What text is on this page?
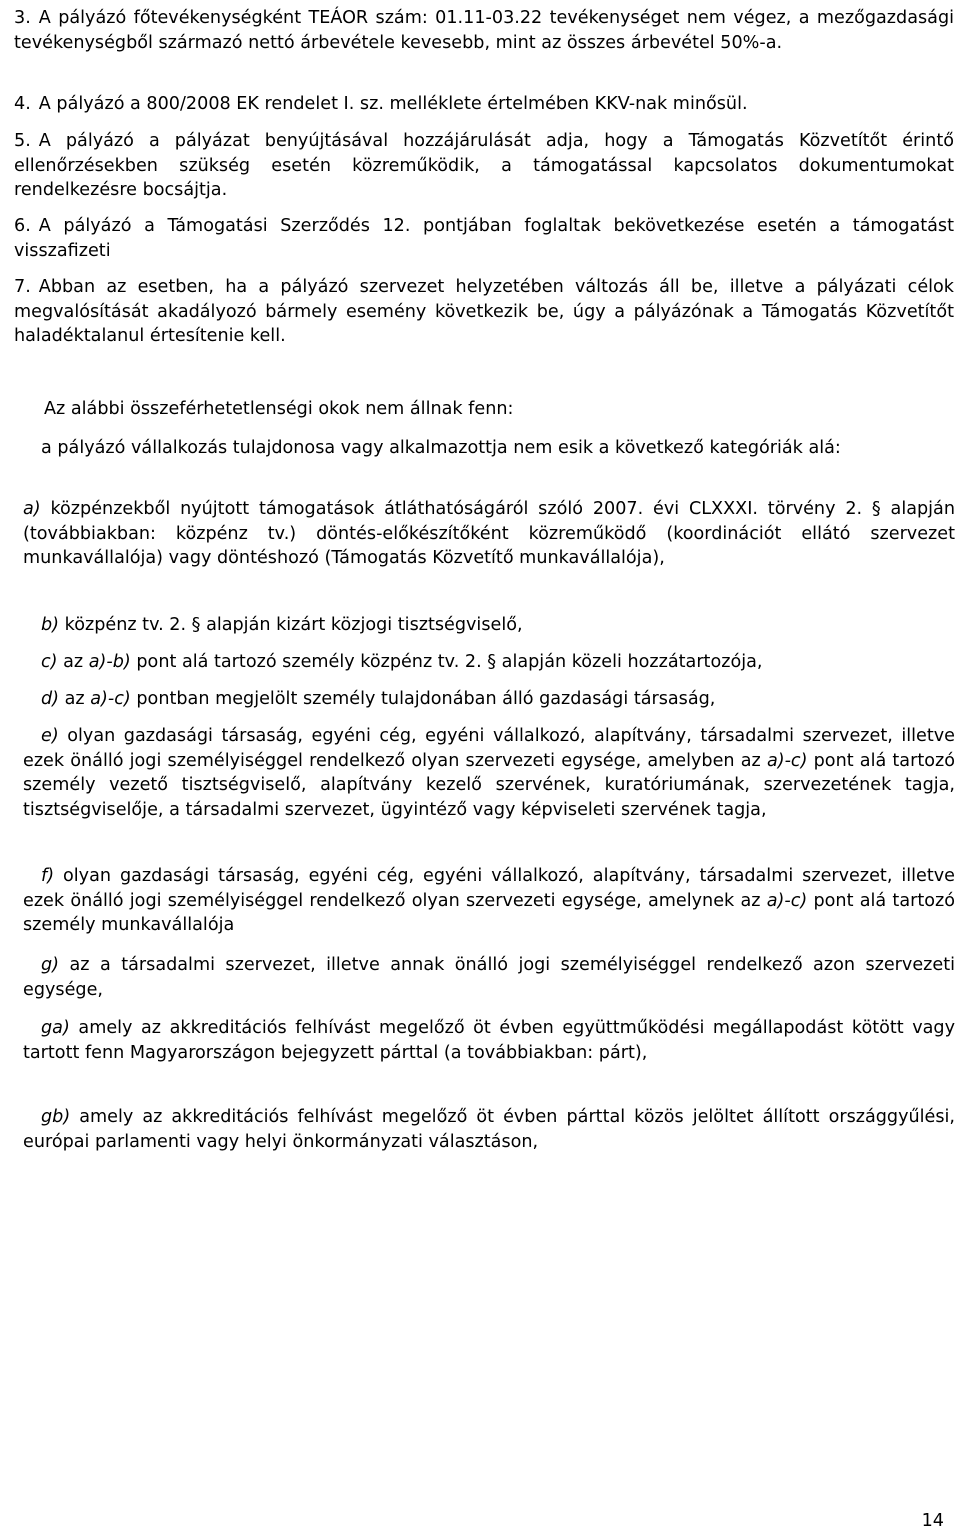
3. A pályázó főtevékenységként TEÁOR szám: 01.11-03.22 tevékenységet nem végez, a mezőgazdasági tevékenységből származó nettó árbevétele kevesebb, mint az összes árbevétel 50%-a.
4. A pályázó a 800/2008 EK rendelet I. sz. melléklete értelmében KKV-nak minősül.
5. A pályázó a pályázat benyújtásával hozzájárulását adja, hogy a Támogatás Közvetítőt érintő ellenőrzésekben szükség esetén közreműködik, a támogatással kapcsolatos dokumentumokat rendelkezésre bocsájtja.
6. A pályázó a Támogatási Szerződés 12. pontjában foglaltak bekövetkezése esetén a támogatást visszafizeti
7. Abban az esetben, ha a pályázó szervezet helyzetében változás áll be, illetve a pályázati célok megvalósítását akadályozó bármely esemény következik be, úgy a pályázónak a Támogatás Közvetítőt haladéktalanul értesítenie kell.
Az alábbi összeférhetetlenségi okok nem állnak fenn:
a pályázó vállalkozás tulajdonosa vagy alkalmazottja nem esik a következő kategóriák alá:
a) közpénzekből nyújtott támogatások átláthatóságáról szóló 2007. évi CLXXXI. törvény 2. § alapján (továbbiakban: közpénz tv.) döntés-előkészítőként közreműködő (koordinációt ellátó szervezet munkavállalója) vagy döntéshozó (Támogatás Közvetítő munkavállalója),
b) közpénz tv. 2. § alapján kizárt közjogi tisztségviselő,
c) az a)-b) pont alá tartozó személy közpénz tv. 2. § alapján közeli hozzátartozója,
d) az a)-c) pontban megjelölt személy tulajdonában álló gazdasági társaság,
e) olyan gazdasági társaság, egyéni cég, egyéni vállalkozó, alapítvány, társadalmi szervezet, illetve ezek önálló jogi személyiséggel rendelkező olyan szervezeti egysége, amelyben az a)-c) pont alá tartozó személy vezető tisztségviselő, alapítvány kezelő szervének, kuratóriumának, szervezetének tagja, tisztségviselője, a társadalmi szervezet, ügyintéző vagy képviseleti szervének tagja,
f) olyan gazdasági társaság, egyéni cég, egyéni vállalkozó, alapítvány, társadalmi szervezet, illetve ezek önálló jogi személyiséggel rendelkező olyan szervezeti egysége, amelynek az a)-c) pont alá tartozó személy munkavállalója
g) az a társadalmi szervezet, illetve annak önálló jogi személyiséggel rendelkező azon szervezeti egysége,
ga) amely az akkreditációs felhívást megelőző öt évben együttműködési megállapodást kötött vagy tartott fenn Magyarországon bejegyzett párttal (a továbbiakban: párt),
gb) amely az akkreditációs felhívást megelőző öt évben párttal közös jelöltet állított országgyűlési, európai parlamenti vagy helyi önkormányzati választáson,
14
